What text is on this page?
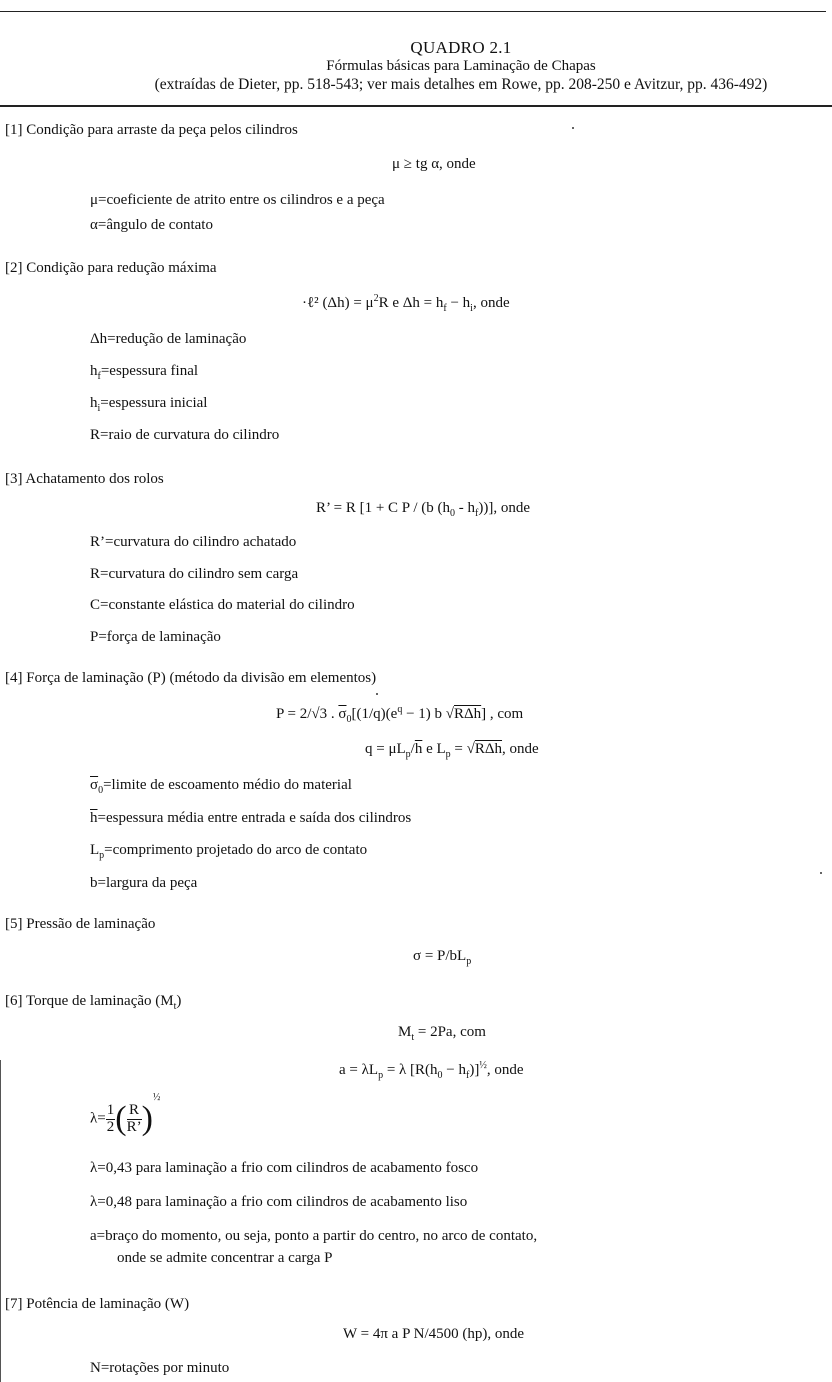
QUADRO 2.1
Fórmulas básicas para Laminação de Chapas
(extraídas de Dieter, pp. 518-543; ver mais detalhes em Rowe, pp. 208-250 e Avitzur, pp. 436-492)
[1] Condição para arraste da peça pelos cilindros
μ ≥ tg α, onde
μ=coeficiente de atrito entre os cilindros e a peça
α=ângulo de contato
[2] Condição para redução máxima
·ℓ² $(\Delta h) = \mu^2R$ e $\Delta h = h_f - h_i$, onde
Δh=redução de laminação
$h_f=espessura$ final
$h_i=espessura$ inicial
R=raio de curvatura do cilindro
[3] Achatamento dos rolos
R’ = R [1 + C P / (b $(h_0 - h_f)$)], onde
R’=curvatura do cilindro achatado
R=curvatura do cilindro sem carga
C=constante elástica do material do cilindro
P=força de laminação
[4] Força de laminação (P) (método da divisão em elementos)
P = 2/√3 . $\overline{\sigma}_0[(1/q)(e^q - 1)$ b √RΔh] , com
$q = \mu L_p/\overline{h}$ e $L_p = √R\Delta h$, onde
$\overline{\sigma}_0=limite$ de escoamento médio do material
$\overline{h}=espessura$ média entre entrada e saída dos cilindros
$L_p=comprimento$ projetado do arco de contato
b=largura da peça
[5] Pressão de laminação
$\sigma = P/bL_p$
[6] Torque de laminação $(M_t)$
$M_t = 2Pa$, com
$a = \lambda L_p = \lambda$ $[R(h_0 - h_f)]^{\frac{1}{2}}$, onde
$\lambda= \frac{1}{2}$ ( $\frac{R}{R’} )^{\frac{1}{2}}$
λ=0,43 para laminação a frio com cilindros de acabamento fosco
λ=0,48 para laminação a frio com cilindros de acabamento liso
a=braço do momento, ou seja, ponto a partir do centro, no arco de contato,
onde se admite concentrar a carga P
[7] Potência de laminação (W)
W = 4π a P N/4500 (hp), onde
N=rotações por minuto
